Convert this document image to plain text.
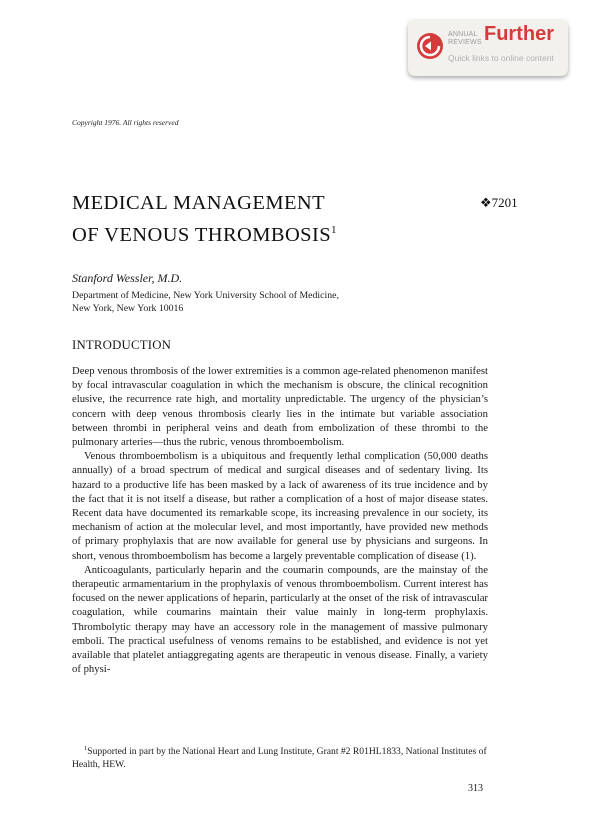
ANNUAL
REVIEWS Further
Quick links to online content

Copyright 1976. All rights reserved

MEDICAL MANAGEMENT
OF VENOUS THROMBOSIS$^1$
❖7201

Stanford Wessler, M.D.

Department of Medicine, New York University School of Medicine,
New York, New York 10016

INTRODUCTION

Deep venous thrombosis of the lower extremities is a common age-related phenomenon manifest by focal intravascular coagulation in which the mechanism is obscure, the clinical recognition elusive, the recurrence rate high, and mortality unpredictable. The urgency of the physician’s concern with deep venous thrombosis clearly lies in the intimate but variable association between thrombi in peripheral veins and death from embolization of these thrombi to the pulmonary arteries—thus the rubric, venous thromboembolism.

Venous thromboembolism is a ubiquitous and frequently lethal complication (50,000 deaths annually) of a broad spectrum of medical and surgical diseases and of sedentary living. Its hazard to a productive life has been masked by a lack of awareness of its true incidence and by the fact that it is not itself a disease, but rather a complication of a host of major disease states. Recent data have documented its remarkable scope, its increasing prevalence in our society, its mechanism of action at the molecular level, and most importantly, have provided new methods of primary prophylaxis that are now available for general use by physicians and surgeons. In short, venous thromboembolism has become a largely preventable complication of disease (1).

Anticoagulants, particularly heparin and the coumarin compounds, are the mainstay of the therapeutic armamentarium in the prophylaxis of venous thromboembolism. Current interest has focused on the newer applications of heparin, particularly at the onset of the risk of intravascular coagulation, while coumarins maintain their value mainly in long-term prophylaxis. Thrombolytic therapy may have an accessory role in the management of massive pulmonary emboli. The practical usefulness of venoms remains to be established, and evidence is not yet available that platelet antiaggregating agents are therapeutic in venous disease. Finally, a variety of physi-

$^1$Supported in part by the National Heart and Lung Institute, Grant #2 R01HL1833, National Institutes of Health, HEW.

313
